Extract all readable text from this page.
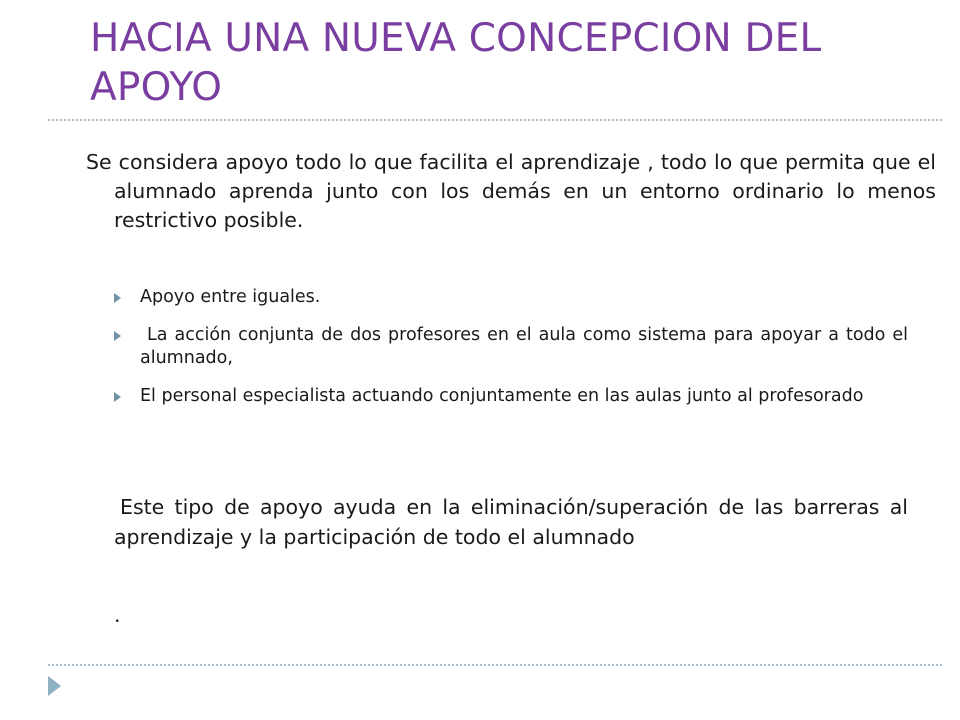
HACIA UNA NUEVA CONCEPCION DEL APOYO
Se considera apoyo todo lo que facilita el aprendizaje , todo lo que permita que el alumnado aprenda junto con los demás en un entorno ordinario lo menos restrictivo posible.
Apoyo entre iguales.
La acción conjunta de dos profesores en el aula como sistema para apoyar a todo el alumnado,
El personal especialista actuando conjuntamente en las aulas junto al profesorado
Este tipo de apoyo ayuda en la eliminación/superación de las barreras al aprendizaje y la participación de todo el alumnado
.
